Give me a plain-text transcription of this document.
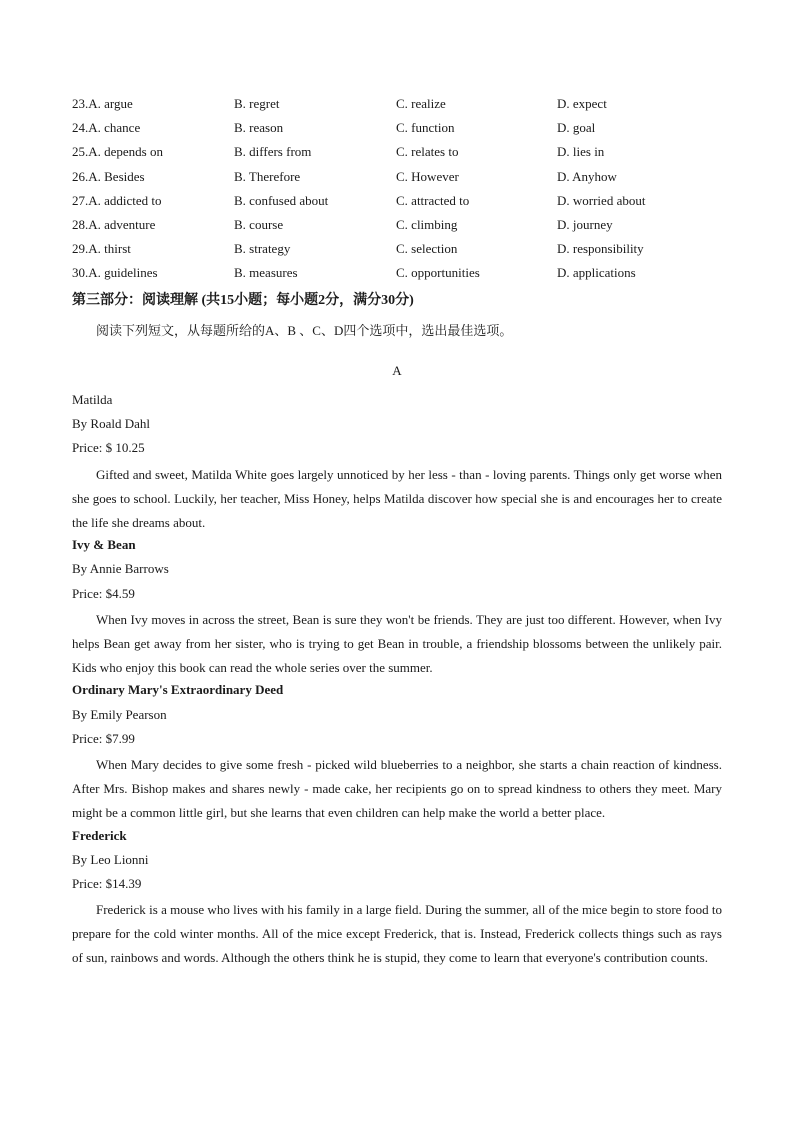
23.A. argue	B. regret	C. realize	D. expect
24.A. chance	B. reason	C. function	D. goal
25.A. depends on	B. differs from	C. relates to	D. lies in
26.A. Besides	B. Therefore	C. However	D. Anyhow
27.A. addicted to	B. confused about	C. attracted to	D. worried about
28.A. adventure	B. course	C. climbing	D. journey
29.A. thirst	B. strategy	C. selection	D. responsibility
30.A. guidelines	B. measures	C. opportunities	D. applications
第三部分：阅读理解 (共15小题；每小题2分，满分30分)
阅读下列短文，从每题所给的A、B 、C、D四个选项中，选出最佳选项。
A
Matilda
By Roald Dahl
Price: $ 10.25
Gifted and sweet, Matilda White goes largely unnoticed by her less - than - loving parents. Things only get worse when she goes to school. Luckily, her teacher, Miss Honey, helps Matilda discover how special she is and encourages her to create the life she dreams about.
Ivy & Bean
By Annie Barrows
Price: $4.59
When Ivy moves in across the street, Bean is sure they won't be friends. They are just too different. However, when Ivy helps Bean get away from her sister, who is trying to get Bean in trouble, a friendship blossoms between the unlikely pair. Kids who enjoy this book can read the whole series over the summer.
Ordinary Mary's Extraordinary Deed
By Emily Pearson
Price: $7.99
When Mary decides to give some fresh - picked wild blueberries to a neighbor, she starts a chain reaction of kindness. After Mrs. Bishop makes and shares newly - made cake, her recipients go on to spread kindness to others they meet. Mary might be a common little girl, but she learns that even children can help make the world a better place.
Frederick
By Leo Lionni
Price: $14.39
Frederick is a mouse who lives with his family in a large field. During the summer, all of the mice begin to store food to prepare for the cold winter months. All of the mice except Frederick, that is. Instead, Frederick collects things such as rays of sun, rainbows and words. Although the others think he is stupid, they come to learn that everyone's contribution counts.
